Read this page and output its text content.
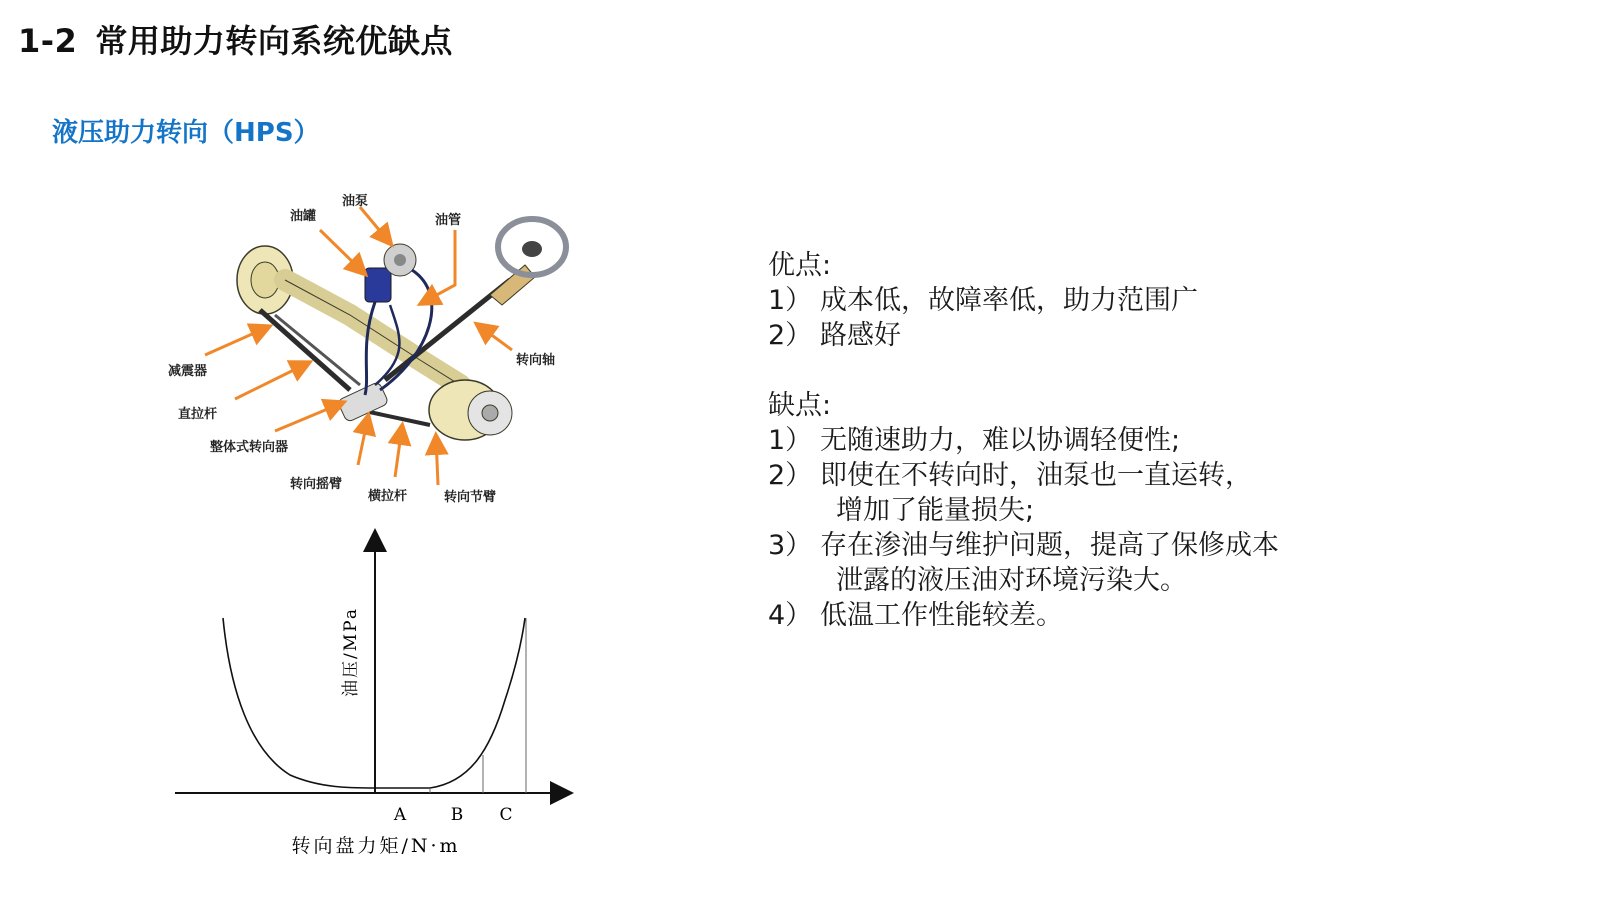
1-2 常用助力转向系统优缺点
液压助力转向（HPS）
油罐
油泵
油管
转向轴
减震器
直拉杆
整体式转向器
转向摇臂
横拉杆	转向节臂
A	B C
油压/MPa
转向盘力矩/N·m
优点:
1） 成本低，故障率低，助力范围广
2） 路感好
缺点:
1） 无随速助力，难以协调轻便性;
2） 即使在不转向时，油泵也一直运转，
增加了能量损失;
3） 存在渗油与维护问题，提高了保修成本
泄露的液压油对环境污染大。
4） 低温工作性能较差。
